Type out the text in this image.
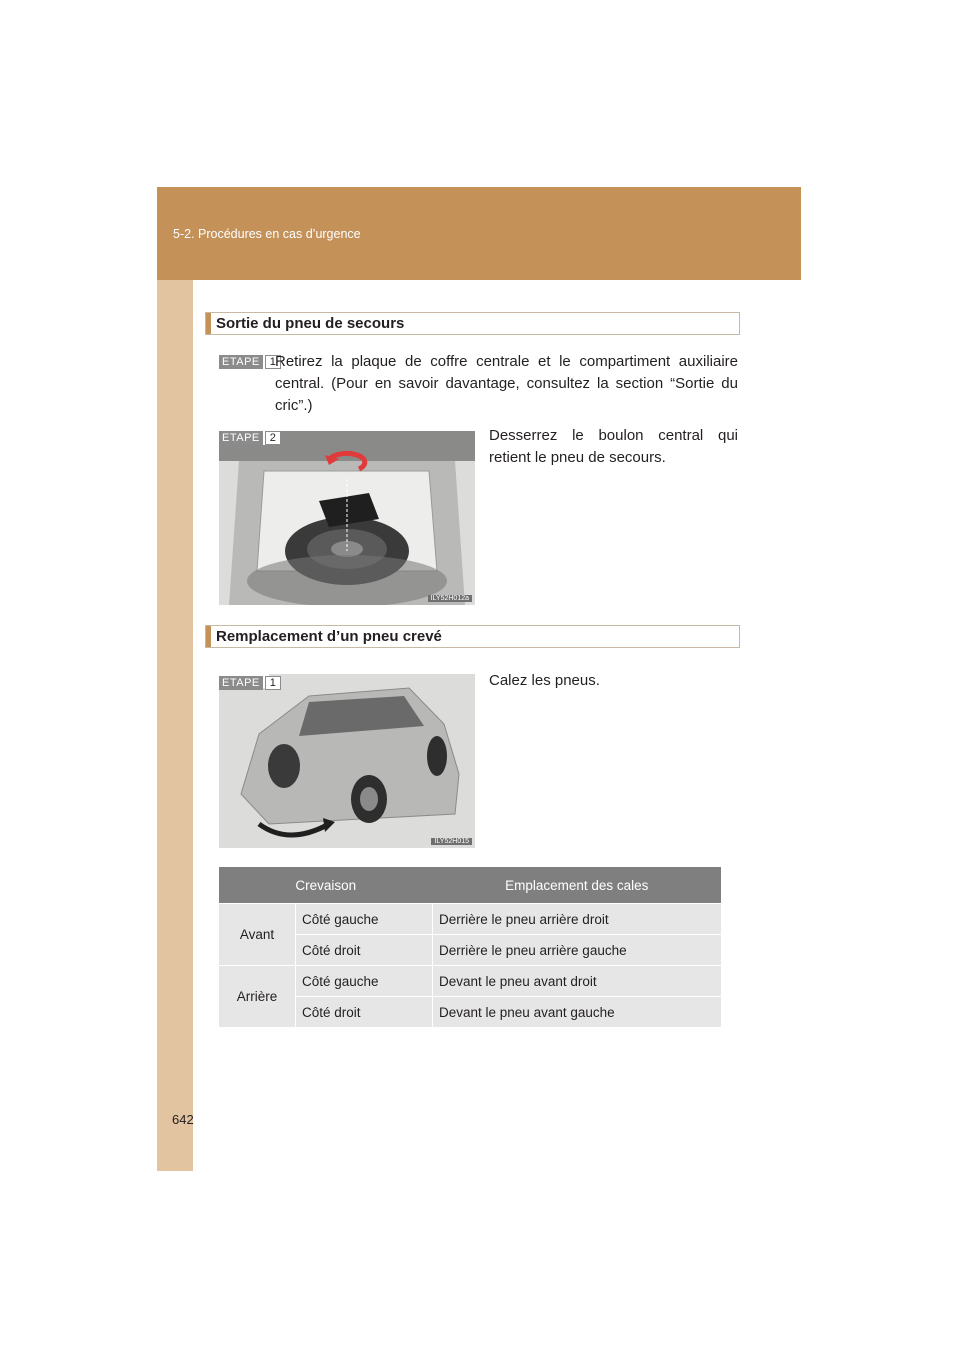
5-2. Procédures en cas d’urgence
Sortie du pneu de secours
ETAPE 1 Retirez la plaque de coffre centrale et le compartiment auxiliaire central. (Pour en savoir davantage, consultez la section “Sortie du cric”.)
ILY52H012a
ETAPE 2	Desserrez le boulon central qui retient le pneu de secours.
Remplacement d’un pneu crevé
ILY52H015
ETAPE 1	Calez les pneus.
Crevaison		Emplacement des cales
Avant	Côté gauche	Derrière le pneu arrière droit
	Côté droit	Derrière le pneu arrière gauche
Arrière	Côté gauche	Devant le pneu avant droit
	Côté droit	Devant le pneu avant gauche
642
